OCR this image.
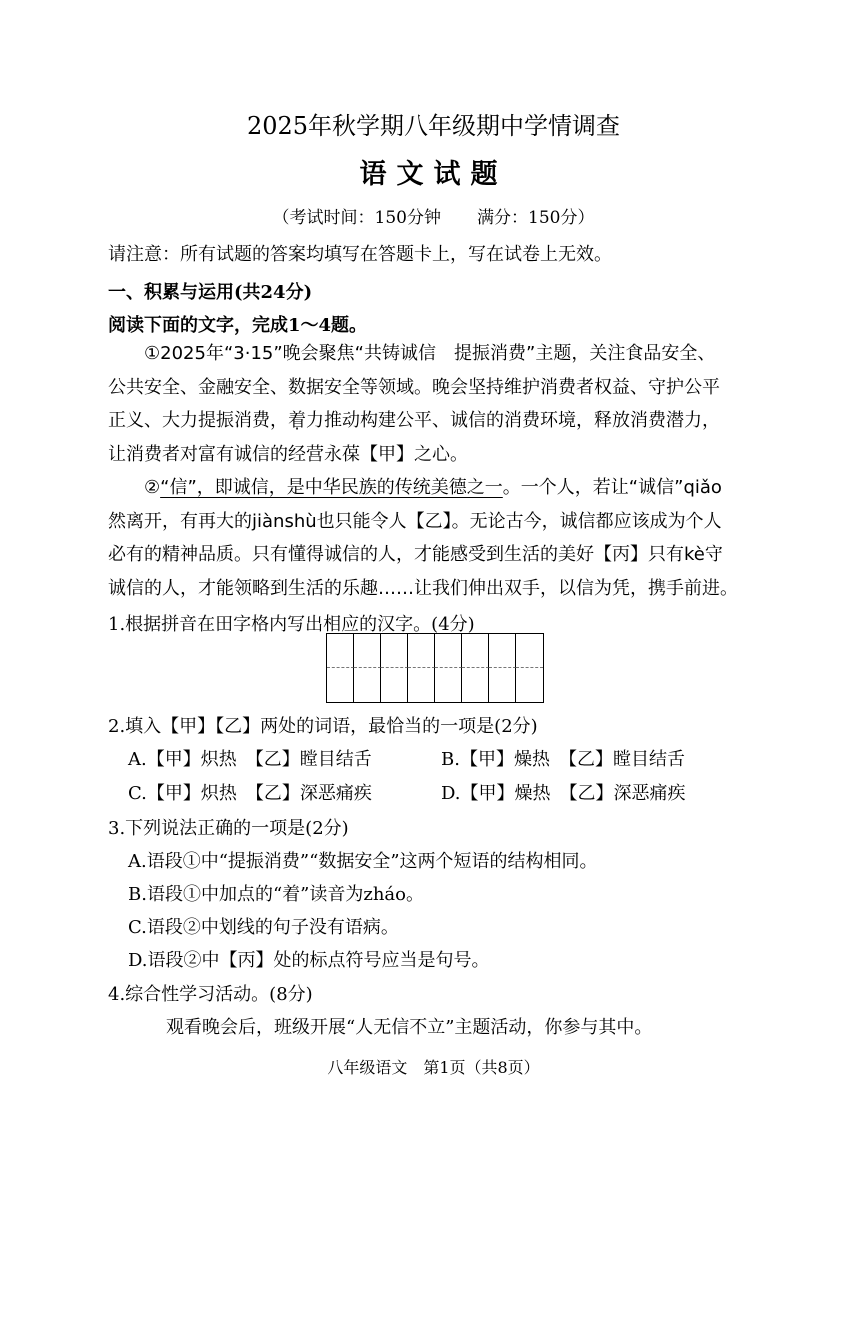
2025年秋学期八年级期中学情调查
语文试题
（考试时间：150分钟 满分：150分）
请注意：所有试题的答案均填写在答题卡上，写在试卷上无效。
一、积累与运用(共24分)
阅读下面的文字，完成1～4题。
①2025年“3·15”晚会聚焦“共铸诚信　提振消费”主题，关注食品安全、
公共安全、金融安全、数据安全等领域。晚会坚持维护消费者权益、守护公平
正义、大力提振消费，着力推动构建公平、诚信的消费环境，释放消费潜力，
让消费者对富有诚信的经营永葆【甲】之心。
②“信”，即诚信，是中华民族的传统美德之一。一个人，若让“诚信”qiǎo
然离开，有再大的jiànshù也只能令人【乙】。无论古今，诚信都应该成为个人
必有的精神品质。只有懂得诚信的人，才能感受到生活的美好【丙】只有kè守
诚信的人，才能领略到生活的乐趣……让我们伸出双手，以信为凭，携手前进。
1.根据拼音在田字格内写出相应的汉字。(4分)
2.填入【甲】【乙】两处的词语，最恰当的一项是(2分)
A.【甲】炽热　【乙】瞠目结舌	B.【甲】燥热　【乙】瞠目结舌
C.【甲】炽热　【乙】深恶痛疾	D.【甲】燥热　【乙】深恶痛疾
3.下列说法正确的一项是(2分)
A.语段①中“提振消费”“数据安全”这两个短语的结构相同。
B.语段①中加点的“着”读音为zháo。
C.语段②中划线的句子没有语病。
D.语段②中【丙】处的标点符号应当是句号。
4.综合性学习活动。(8分)
观看晚会后，班级开展“人无信不立”主题活动，你参与其中。
八年级语文　第1页（共8页）
